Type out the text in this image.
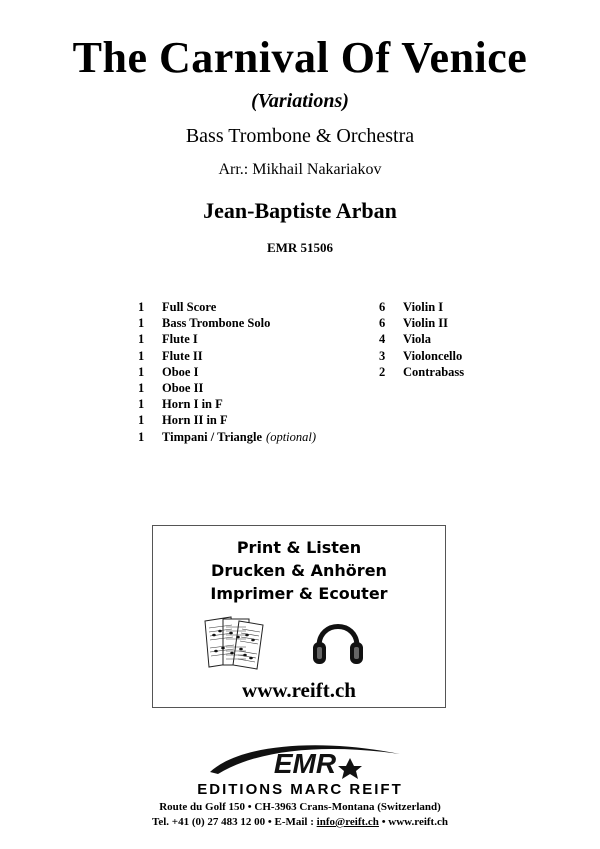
The Carnival Of Venice
(Variations)
Bass Trombone & Orchestra
Arr.: Mikhail Nakariakov
Jean-Baptiste Arban
EMR 51506
1	Full Score
1	Bass Trombone Solo
1	Flute I
1	Flute II
1	Oboe I
1	Oboe II
1	Horn I in F
1	Horn II in F
1	Timpani / Triangle (optional)
6	Violin I
6	Violin II
4	Viola
3	Violoncello
2	Contrabass
Print & Listen
Drucken & Anhören
Imprimer & Ecouter
www.reift.ch
EMR
EDITIONS MARC REIFT
Route du Golf 150 • CH-3963 Crans-Montana (Switzerland)
Tel. +41 (0) 27 483 12 00 • E-Mail : info@reift.ch • www.reift.ch
